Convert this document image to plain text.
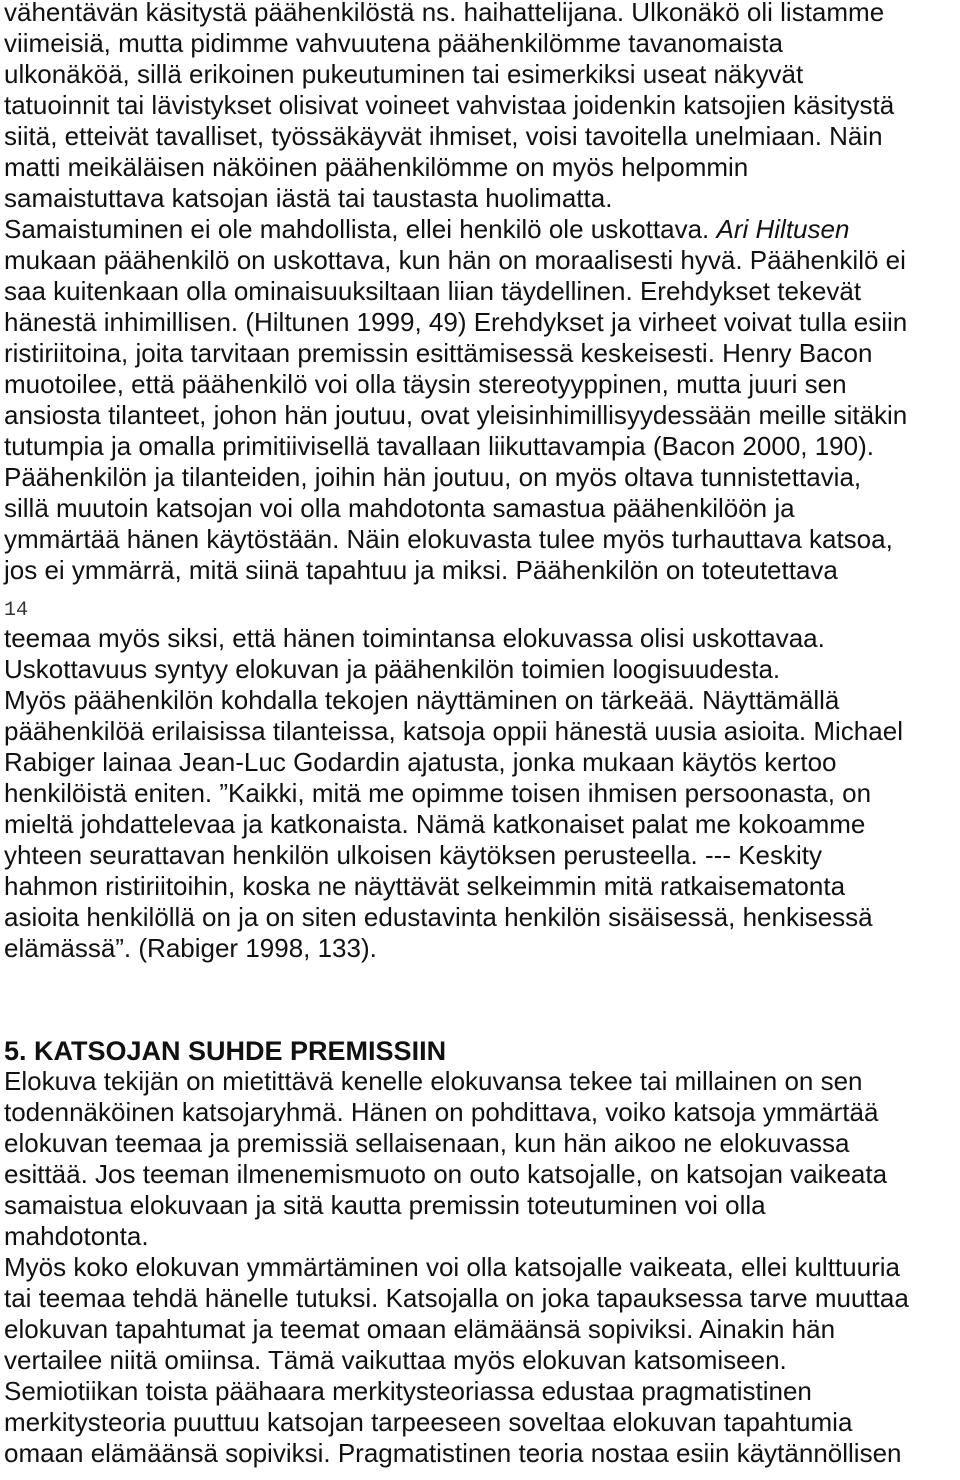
vähentävän käsitystä päähenkilöstä ns. haihattelijana. Ulkonäkö oli listamme
viimeisiä, mutta pidimme vahvuutena päähenkilömme tavanomaista
ulkonäköä, sillä erikoinen pukeutuminen tai esimerkiksi useat näkyvät
tatuoinnit tai lävistykset olisivat voineet vahvistaa joidenkin katsojien käsitystä
siitä, etteivät tavalliset, työssäkäyvät ihmiset, voisi tavoitella unelmiaan. Näin
matti meikäläisen näköinen päähenkilömme on myös helpommin
samaistuttava katsojan iästä tai taustasta huolimatta.
Samaistuminen ei ole mahdollista, ellei henkilö ole uskottava. Ari Hiltusen
mukaan päähenkilö on uskottava, kun hän on moraalisesti hyvä. Päähenkilö ei
saa kuitenkaan olla ominaisuuksiltaan liian täydellinen. Erehdykset tekevät
hänestä inhimillisen. (Hiltunen 1999, 49) Erehdykset ja virheet voivat tulla esiin
ristiriitoina, joita tarvitaan premissin esittämisessä keskeisesti. Henry Bacon
muotoilee, että päähenkilö voi olla täysin stereotyyppinen, mutta juuri sen
ansiosta tilanteet, johon hän joutuu, ovat yleisinhimillisyydessään meille sitäkin
tutumpia ja omalla primitiivisellä tavallaan liikuttavampia (Bacon 2000, 190).
Päähenkilön ja tilanteiden, joihin hän joutuu, on myös oltava tunnistettavia,
sillä muutoin katsojan voi olla mahdotonta samastua päähenkilöön ja
ymmärtää hänen käytöstään. Näin elokuvasta tulee myös turhauttava katsoa,
jos ei ymmärrä, mitä siinä tapahtuu ja miksi. Päähenkilön on toteutettava
14
teemaa myös siksi, että hänen toimintansa elokuvassa olisi uskottavaa.
Uskottavuus syntyy elokuvan ja päähenkilön toimien loogisuudesta.
Myös päähenkilön kohdalla tekojen näyttäminen on tärkeää. Näyttämällä
päähenkilöä erilaisissa tilanteissa, katsoja oppii hänestä uusia asioita. Michael
Rabiger lainaa Jean-Luc Godardin ajatusta, jonka mukaan käytös kertoo
henkilöistä eniten. ”Kaikki, mitä me opimme toisen ihmisen persoonasta, on
mieltä johdattelevaa ja katkonaista. Nämä katkonaiset palat me kokoamme
yhteen seurattavan henkilön ulkoisen käytöksen perusteella. --- Keskity
hahmon ristiriitoihin, koska ne näyttävät selkeimmin mitä ratkaisematonta
asioita henkilöllä on ja on siten edustavinta henkilön sisäisessä, henkisessä
elämässä”. (Rabiger 1998, 133).
5. KATSOJAN SUHDE PREMISSIIN
Elokuva tekijän on mietittävä kenelle elokuvansa tekee tai millainen on sen
todennäköinen katsojaryhmä. Hänen on pohdittava, voiko katsoja ymmärtää
elokuvan teemaa ja premissiä sellaisenaan, kun hän aikoo ne elokuvassa
esittää. Jos teeman ilmenemismuoto on outo katsojalle, on katsojan vaikeata
samaistua elokuvaan ja sitä kautta premissin toteutuminen voi olla
mahdotonta.
Myös koko elokuvan ymmärtäminen voi olla katsojalle vaikeata, ellei kulttuuria
tai teemaa tehdä hänelle tutuksi. Katsojalla on joka tapauksessa tarve muuttaa
elokuvan tapahtumat ja teemat omaan elämäänsä sopiviksi. Ainakin hän
vertailee niitä omiinsa. Tämä vaikuttaa myös elokuvan katsomiseen.
Semiotiikan toista päähaara merkitysteoriassa edustaa pragmatistinen
merkitysteoria puuttuu katsojan tarpeeseen soveltaa elokuvan tapahtumia
omaan elämäänsä sopiviksi. Pragmatistinen teoria nostaa esiin käytännöllisen
